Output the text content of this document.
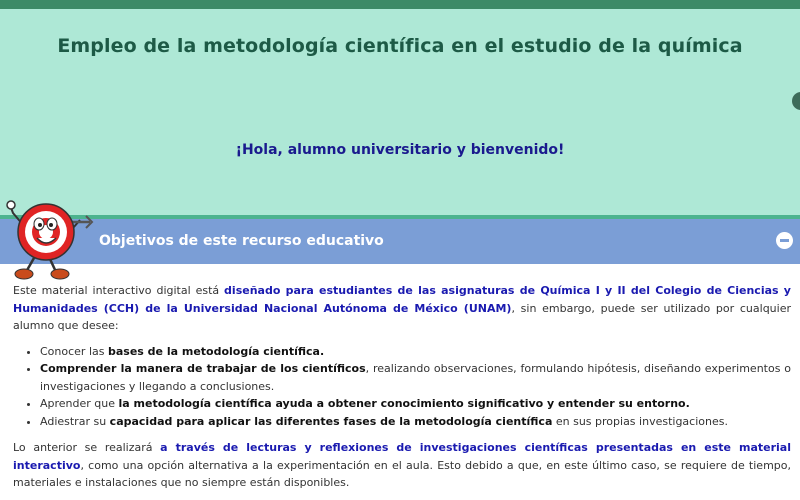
Empleo de la metodología científica en el estudio de la química
¡Hola, alumno universitario y bienvenido!
Objetivos de este recurso educativo

Este material interactivo digital está diseñado para estudiantes de las asignaturas de Química I y II del Colegio de Ciencias y Humanidades (CCH) de la Universidad Nacional Autónoma de México (UNAM), sin embargo, puede ser utilizado por cualquier alumno que desee:

• Conocer las bases de la metodología científica.
• Comprender la manera de trabajar de los científicos, realizando observaciones, formulando hipótesis, diseñando experimentos o investigaciones y llegando a conclusiones.
• Aprender que la metodología científica ayuda a obtener conocimiento significativo y entender su entorno.
• Adiestrar su capacidad para aplicar las diferentes fases de la metodología científica en sus propias investigaciones.

Lo anterior se realizará a través de lecturas y reflexiones de investigaciones científicas presentadas en este material interactivo, como una opción alternativa a la experimentación en el aula. Esto debido a que, en este último caso, se requiere de tiempo, materiales e instalaciones que no siempre están disponibles.
